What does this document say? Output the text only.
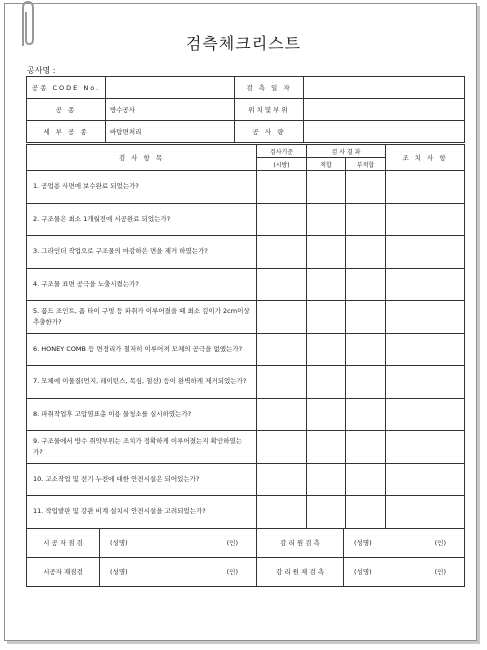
검측체크리스트
공사명 :
공종 CODE No.		검 측 일 자	
공 종	방수공사	위치및부위	
세 부 공 종	바탕면처리	공 사 량	
검 사 항 목	검사기준	검 사 결 과		조 치 사 항
	(시방)	적합	부적합	
1. 공업용 사면에 보수완료 되었는가?				
2. 구조물은 최소 1개월전에 시공완료 되었는가?				
3. 그라인더 작업으로 구조물의 마감하은 면을 제거 하였는가?				
4. 구조물 표면 공극을 노출시켰는가?				
5. 폼드 조인트, 폼 타이 구멍 등 파취가 이루어졌을 때 최소 깊이가 2cm이상 추출한가?				
6. HONEY COMB 등 면정리가 철저히 이루어져 모체의 공극을 없앴는가?				
7. 모체에 이물질(먼지, 레이턴스, 목심, 철선) 등이 완벽하게 제거되었는가?				
8. 파취작업후 고압염표총 이용 물청소를 실시하였는가?				
9. 구조물에서 방수 취약부위는 조치가 정확하게 이루어졌는지 확인하였는가?				
10. 고소작업 및 전기 누전에 대한 안전시설은 되어있는가?				
11. 작업발판 및 강관 비계 설치시 안전시설을 고려되었는가?				

시 공 자 점 검 (성명) (인)	감 리 원 검 측 (성명) (인)			

시공자 재점검 (성명) (인)	감 리 원 재 검 측 (성명) (인)			
